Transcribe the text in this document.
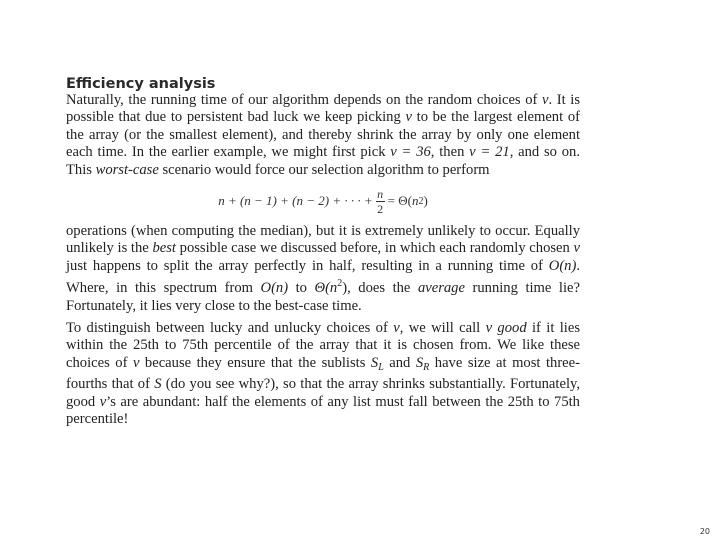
Efficiency analysis

Naturally, the running time of our algorithm depends on the random choices of v. It is possible that due to persistent bad luck we keep picking v to be the largest element of the array (or the smallest element), and thereby shrink the array by only one element each time. In the earlier example, we might first pick v = 36, then v = 21, and so on. This worst-case scenario would force our selection algorithm to perform

n + (n − 1) + (n − 2) + · · · + $\frac{n}{2} = \Theta$( n 2 )

operations (when computing the median), but it is extremely unlikely to occur. Equally unlikely is the best possible case we discussed before, in which each randomly chosen v just happens to split the array perfectly in half, resulting in a running time of O(n). Where, in this spectrum from O(n) to $\Theta(n^2)$, does the average running time lie? Fortunately, it lies very close to the best-case time.

To distinguish between lucky and unlucky choices of v, we will call v good if it lies within the 25th to 75th percentile of the array that it is chosen from. We like these choices of v because they ensure that the sublists $S_L$ and $S_R$ have size at most three-fourths that of S (do you see why?), so that the array shrinks substantially. Fortunately, good v’s are abundant: half the elements of any list must fall between the 25th to 75th percentile!

20
